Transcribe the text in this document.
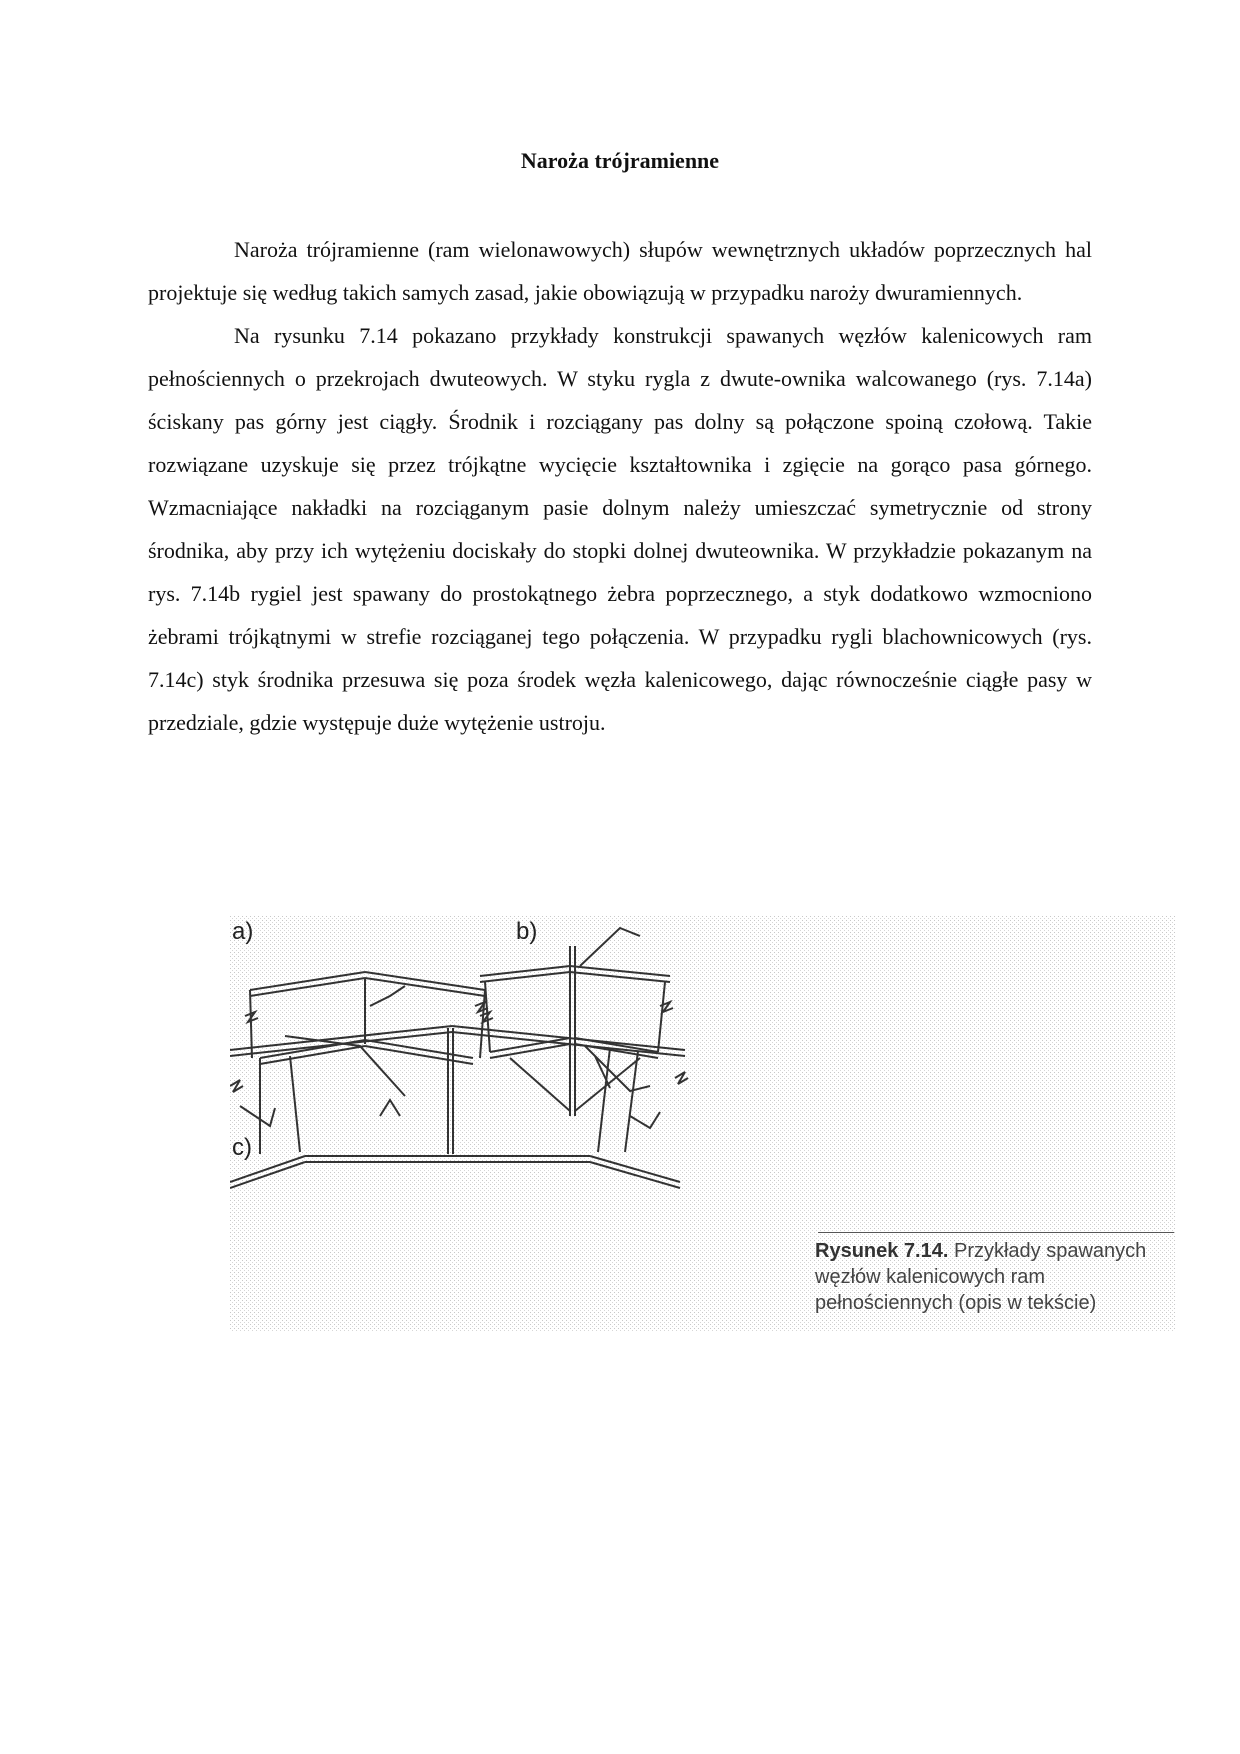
Naroża trójramienne

Naroża trójramienne (ram wielonawowych) słupów wewnętrznych układów poprzecznych hal projektuje się według takich samych zasad, jakie obowiązują w przypadku naroży dwuramiennych.

Na rysunku 7.14 pokazano przykłady konstrukcji spawanych węzłów kalenicowych ram pełnościennych o przekrojach dwuteowych. W styku rygla z dwute-ownika walcowanego (rys. 7.14a) ściskany pas górny jest ciągły. Środnik i rozciągany pas dolny są połączone spoiną czołową. Takie rozwiązane uzyskuje się przez trójkątne wycięcie kształtownika i zgięcie na gorąco pasa górnego. Wzmacniające nakładki na rozciąganym pasie dolnym należy umieszczać symetrycznie od strony środnika, aby przy ich wytężeniu dociskały do stopki dolnej dwuteownika. W przykładzie pokazanym na rys. 7.14b rygiel jest spawany do prostokątnego żebra poprzecznego, a styk dodatkowo wzmocniono żebrami trójkątnymi w strefie rozciąganej tego połączenia. W przypadku rygli blachownicowych (rys. 7.14c) styk środnika przesuwa się poza środek węzła kalenicowego, dając równocześnie ciągłe pasy w przedziale, gdzie występuje duże wytężenie ustroju.

a)	b)
c)
Rysunek 7.14. Przykłady spawanych węzłów kalenicowych ram pełnościennych (opis w tekście)
